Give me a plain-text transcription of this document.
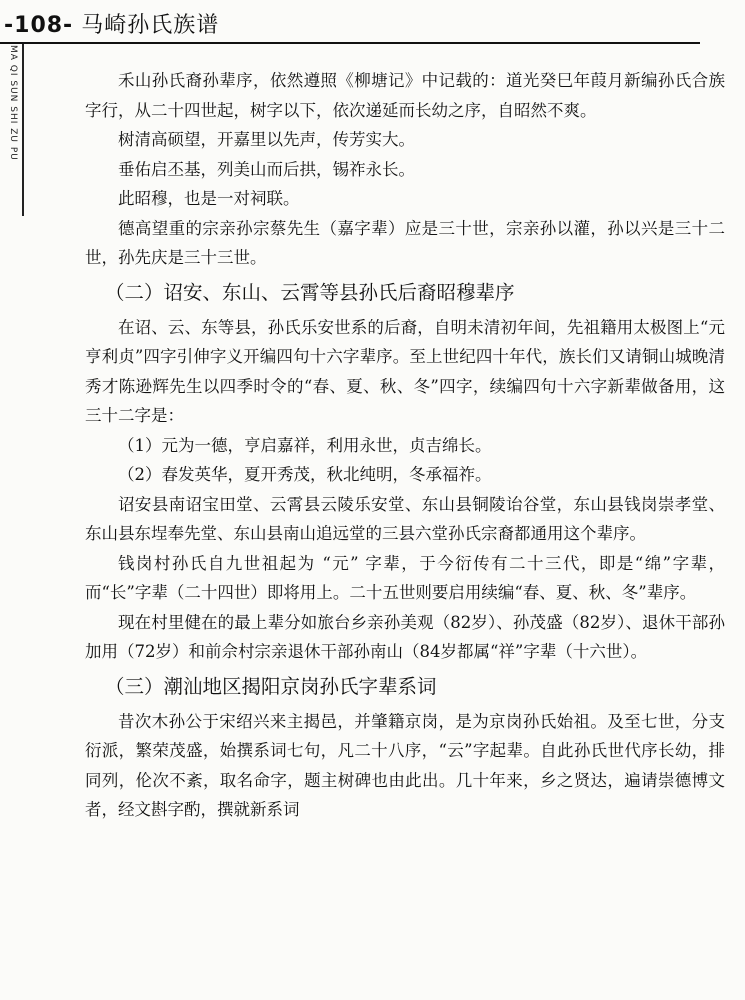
-108- 马崎孙氏族谱
MA QI SUN SHI ZU PU	禾山孙氏裔孙辈序，依然遵照《柳塘记》中记载的：道光癸巳年葭月新编孙氏合族字行，从二十四世起，树字以下，依次递延而长幼之序，自昭然不爽。

树清高硕望，开嘉里以先声，传芳实大。

垂佑启丕基，列美山而后拱，锡祚永长。

此昭穆，也是一对祠联。

德高望重的宗亲孙宗蔡先生（嘉字辈）应是三十世，宗亲孙以灌，孙以兴是三十二世，孙先庆是三十三世。

（二）诏安、东山、云霄等县孙氏后裔昭穆辈序

在诏、云、东等县，孙氏乐安世系的后裔，自明未清初年间，先祖籍用太极图上“元亨利贞”四字引伸字义开编四句十六字辈序。至上世纪四十年代，族长们又请铜山城晚清秀才陈逊辉先生以四季时令的“春、夏、秋、冬”四字，续编四句十六字新辈做备用，这三十二字是：

（1）元为一德，亨启嘉祥，利用永世，贞吉绵长。

（2）春发英华，夏开秀茂，秋北纯明，冬承福祚。

诏安县南诏宝田堂、云霄县云陵乐安堂、东山县铜陵诒谷堂，东山县钱岗崇孝堂、东山县东埕奉先堂、东山县南山追远堂的三县六堂孙氏宗裔都通用这个辈序。

钱岗村孙氏自九世祖起为 “元” 字辈，于今衍传有二十三代，即是“绵”字辈，而“长”字辈（二十四世）即将用上。二十五世则要启用续编“春、夏、秋、冬”辈序。

现在村里健在的最上辈分如旅台乡亲孙美观（82岁）、孙茂盛（82岁）、退休干部孙加用（72岁）和前佘村宗亲退休干部孙南山（84岁都属“祥”字辈（十六世）。

（三）潮汕地区揭阳京岗孙氏字辈系词

昔次木孙公于宋绍兴来主揭邑，并肇籍京岗，是为京岗孙氏始祖。及至七世，分支衍派，繁荣茂盛，始撰系词七句，凡二十八序，“云”字起辈。自此孙氏世代序长幼，排同列，伦次不紊，取名命字，题主树碑也由此出。几十年来，乡之贤达，遍请崇德博文者，经文斟字酌，撰就新系词
